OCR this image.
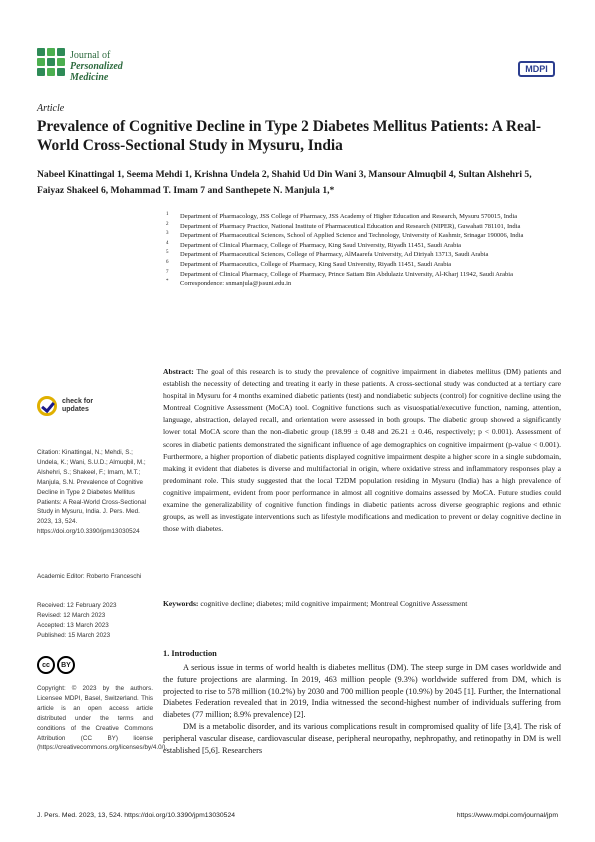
Journal of
Personalized
Medicine
MDPI
Article
Prevalence of Cognitive Decline in Type 2 Diabetes Mellitus Patients: A Real-World Cross-Sectional Study in Mysuru, India
Nabeel Kinattingal 1, Seema Mehdi 1, Krishna Undela 2, Shahid Ud Din Wani 3, Mansour Almuqbil 4, Sultan Alshehri 5, Faiyaz Shakeel 6, Mohammad T. Imam 7 and Santhepete N. Manjula 1,*
1 Department of Pharmacology, JSS College of Pharmacy, JSS Academy of Higher Education and Research, Mysuru 570015, India
2 Department of Pharmacy Practice, National Institute of Pharmaceutical Education and Research (NIPER), Guwahati 781101, India
3 Department of Pharmaceutical Sciences, School of Applied Science and Technology, University of Kashmir, Srinagar 190006, India
4 Department of Clinical Pharmacy, College of Pharmacy, King Saud University, Riyadh 11451, Saudi Arabia
5 Department of Pharmaceutical Sciences, College of Pharmacy, AlMaarefa University, Ad Diriyah 13713, Saudi Arabia
6 Department of Pharmaceutics, College of Pharmacy, King Saud University, Riyadh 11451, Saudi Arabia
7 Department of Clinical Pharmacy, College of Pharmacy, Prince Sattam Bin Abdulaziz University, Al-Kharj 11942, Saudi Arabia
* Correspondence: snmanjula@jssuni.edu.in
Abstract: The goal of this research is to study the prevalence of cognitive impairment in diabetes mellitus (DM) patients and establish the necessity of detecting and treating it early in these patients. A cross-sectional study was conducted at a tertiary care hospital in Mysuru for 4 months examined diabetic patients (test) and nondiabetic subjects (control) for cognitive decline using the Montreal Cognitive Assessment (MoCA) tool. Cognitive functions such as visuospatial/executive function, naming, attention, language, abstraction, delayed recall, and orientation were assessed in both groups. The diabetic group showed a significantly lower total MoCA score than the non-diabetic group (18.99 ± 0.48 and 26.21 ± 0.46, respectively; p < 0.001). Assessment of scores in diabetic patients demonstrated the significant influence of age demographics on cognitive impairment (p-value < 0.001). Furthermore, a higher proportion of diabetic patients displayed cognitive impairment despite a higher score in a single subdomain, making it evident that diabetes is diverse and multifactorial in origin, where oxidative stress and inflammatory responses play a predominant role. This study suggested that the local T2DM population residing in Mysuru (India) has a high prevalence of cognitive impairment, evident from poor performance in almost all cognitive domains assessed by MoCA. Future studies could examine the generalizability of cognitive function findings in diabetic patients across diverse geographic regions and ethnic groups, as well as investigate interventions such as lifestyle modifications and medication to prevent or delay cognitive decline in those with diabetes.
Keywords: cognitive decline; diabetes; mild cognitive impairment; Montreal Cognitive Assessment
check for
updates
Citation: Kinattingal, N.; Mehdi, S.; Undela, K.; Wani, S.U.D.; Almuqbil, M.; Alshehri, S.; Shakeel, F.; Imam, M.T.; Manjula, S.N. Prevalence of Cognitive Decline in Type 2 Diabetes Mellitus Patients: A Real-World Cross-Sectional Study in Mysuru, India. J. Pers. Med. 2023, 13, 524. https://doi.org/10.3390/jpm13030524
Academic Editor: Roberto Franceschi
Received: 12 February 2023
Revised: 12 March 2023
Accepted: 13 March 2023
Published: 15 March 2023
cc	BY
Copyright: © 2023 by the authors. Licensee MDPI, Basel, Switzerland. This article is an open access article distributed under the terms and conditions of the Creative Commons Attribution (CC BY) license (https://creativecommons.org/licenses/by/4.0/).
1. Introduction

A serious issue in terms of world health is diabetes mellitus (DM). The steep surge in DM cases worldwide and the future projections are alarming. In 2019, 463 million people (9.3%) worldwide suffered from DM, which is projected to rise to 578 million (10.2%) by 2030 and 700 million people (10.9%) by 2045 [1]. Further, the International Diabetes Federation revealed that in 2019, India witnessed the second-highest number of individuals suffering from diabetes (77 million; 8.9% prevalence) [2].

DM is a metabolic disorder, and its various complications result in compromised quality of life [3,4]. The risk of peripheral vascular disease, cardiovascular disease, peripheral neuropathy, nephropathy, and retinopathy in DM is well established [5,6]. Researchers

J. Pers. Med. 2023, 13, 524. https://doi.org/10.3390/jpm13030524	https://www.mdpi.com/journal/jpm
